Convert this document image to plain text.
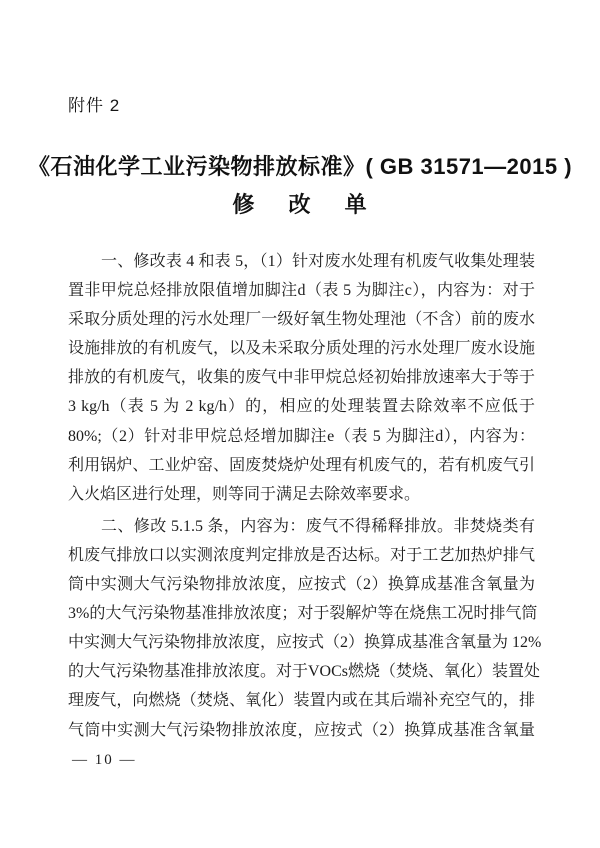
附件 2
《石油化学工业污染物排放标准》( GB 31571—2015 )
修 改 单
一、修改表 4 和表 5，（1）针对废水处理有机废气收集处理装
置非甲烷总烃排放限值增加脚注d（表 5 为脚注c），内容为：对于
采取分质处理的污水处理厂一级好氧生物处理池（不含）前的废水
设施排放的有机废气，以及未采取分质处理的污水处理厂废水设施
排放的有机废气，收集的废气中非甲烷总烃初始排放速率大于等于
3 kg/h（表 5 为 2 kg/h）的，相应的处理装置去除效率不应低于
80%;（2）针对非甲烷总烃增加脚注e（表 5 为脚注d），内容为：
利用锅炉、工业炉窑、固废焚烧炉处理有机废气的，若有机废气引
入火焰区进行处理，则等同于满足去除效率要求。
二、修改 5.1.5 条，内容为：废气不得稀释排放。非焚烧类有
机废气排放口以实测浓度判定排放是否达标。对于工艺加热炉排气
筒中实测大气污染物排放浓度，应按式（2）换算成基准含氧量为
3%的大气污染物基准排放浓度；对于裂解炉等在烧焦工况时排气筒
中实测大气污染物排放浓度，应按式（2）换算成基准含氧量为 12%
的大气污染物基准排放浓度。对于VOCs燃烧（焚烧、氧化）装置处
理废气，向燃烧（焚烧、氧化）装置内或在其后端补充空气的，排
气筒中实测大气污染物排放浓度，应按式（2）换算成基准含氧量
— 10 —
